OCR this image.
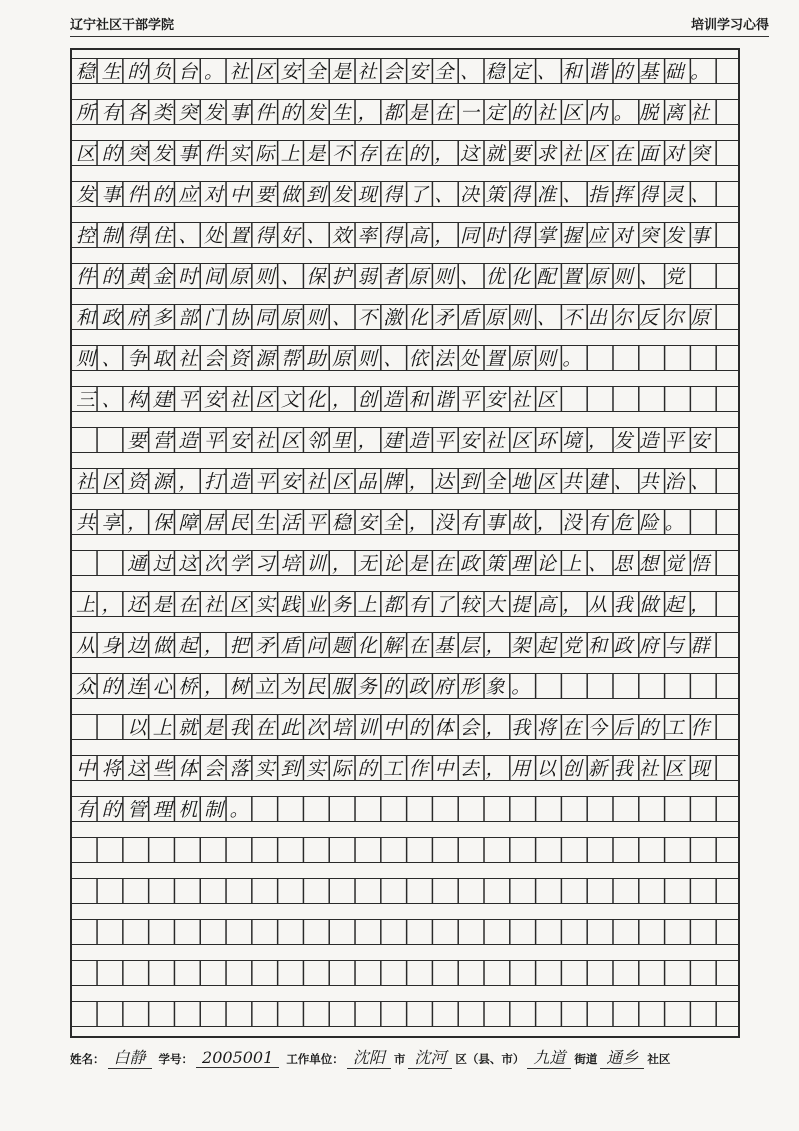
辽宁社区干部学院	培训学习心得
稳生的负台。社区安全是社会安全、稳定、和谐的基础。
所有各类突发事件的发生，都是在一定的社区内。脱离社
区的突发事件实际上是不存在的，这就要求社区在面对突
发事件的应对中要做到发现得了、决策得准、指挥得灵、
控制得住、处置得好、效率得高，同时得掌握应对突发事
件的黄金时间原则、保护弱者原则、优化配置原则、党
和政府多部门协同原则、不激化矛盾原则、不出尔反尔原
则、争取社会资源帮助原则、依法处置原则。
三、构建平安社区文化，创造和谐平安社区
　　要营造平安社区邻里，建造平安社区环境，发造平安
社区资源，打造平安社区品牌，达到全地区共建、共治、
共享，保障居民生活平稳安全，没有事故，没有危险。
　　通过这次学习培训，无论是在政策理论上、思想觉悟
上，还是在社区实践业务上都有了较大提高，从我做起，
从身边做起，把矛盾问题化解在基层，架起党和政府与群
众的连心桥，树立为民服务的政府形象。
　　以上就是我在此次培训中的体会，我将在今后的工作
中将这些体会落实到实际的工作中去，用以创新我社区现
有的管理机制。
姓名： 白静 学号： 2005001 工作单位： 沈阳 市 沈河 区（县、市） 九道 街道 通乡 社区
